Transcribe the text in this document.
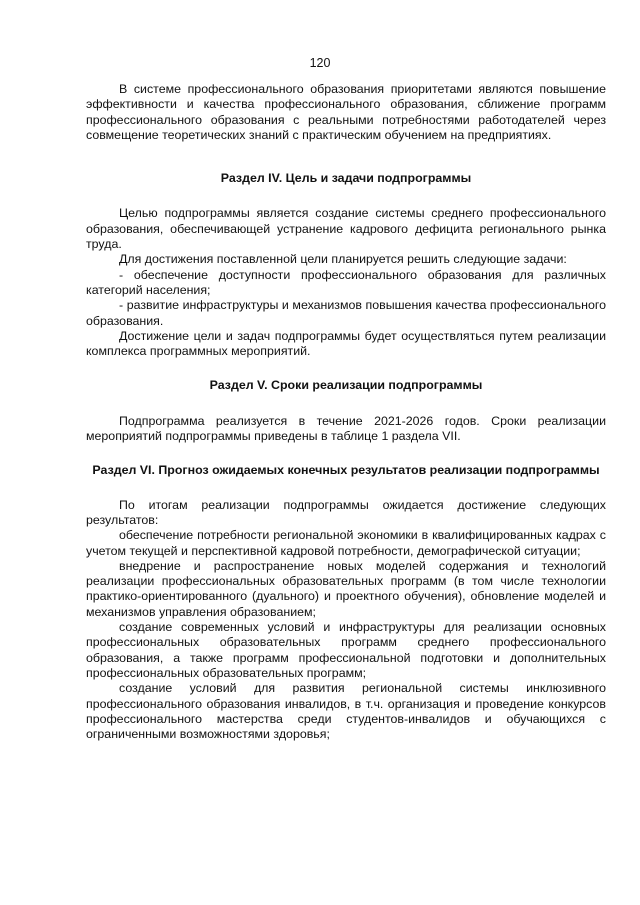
120

В системе профессионального образования приоритетами являются повышение эффективности и качества профессионального образования, сближение программ профессионального образования с реальными потребностями работодателей через совмещение теоретических знаний с практическим обучением на предприятиях.

Раздел IV. Цель и задачи подпрограммы

Целью подпрограммы является создание системы среднего профессионального образования, обеспечивающей устранение кадрового дефицита регионального рынка труда.

Для достижения поставленной цели планируется решить следующие задачи:

- обеспечение доступности профессионального образования для различных категорий населения;

- развитие инфраструктуры и механизмов повышения качества профессионального образования.

Достижение цели и задач подпрограммы будет осуществляться путем реализации комплекса программных мероприятий.

Раздел V. Сроки реализации подпрограммы

Подпрограмма реализуется в течение 2021-2026 годов. Сроки реализации мероприятий подпрограммы приведены в таблице 1 раздела VII.

Раздел VI. Прогноз ожидаемых конечных результатов реализации подпрограммы

По итогам реализации подпрограммы ожидается достижение следующих результатов:

обеспечение потребности региональной экономики в квалифицированных кадрах с учетом текущей и перспективной кадровой потребности, демографической ситуации;

внедрение и распространение новых моделей содержания и технологий реализации профессиональных образовательных программ (в том числе технологии практико-ориентированного (дуального) и проектного обучения), обновление моделей и механизмов управления образованием;

создание современных условий и инфраструктуры для реализации основных профессиональных образовательных программ среднего профессионального образования, а также программ профессиональной подготовки и дополнительных профессиональных образовательных программ;

создание условий для развития региональной системы инклюзивного профессионального образования инвалидов, в т.ч. организация и проведение конкурсов профессионального мастерства среди студентов-инвалидов и обучающихся с ограниченными возможностями здоровья;
